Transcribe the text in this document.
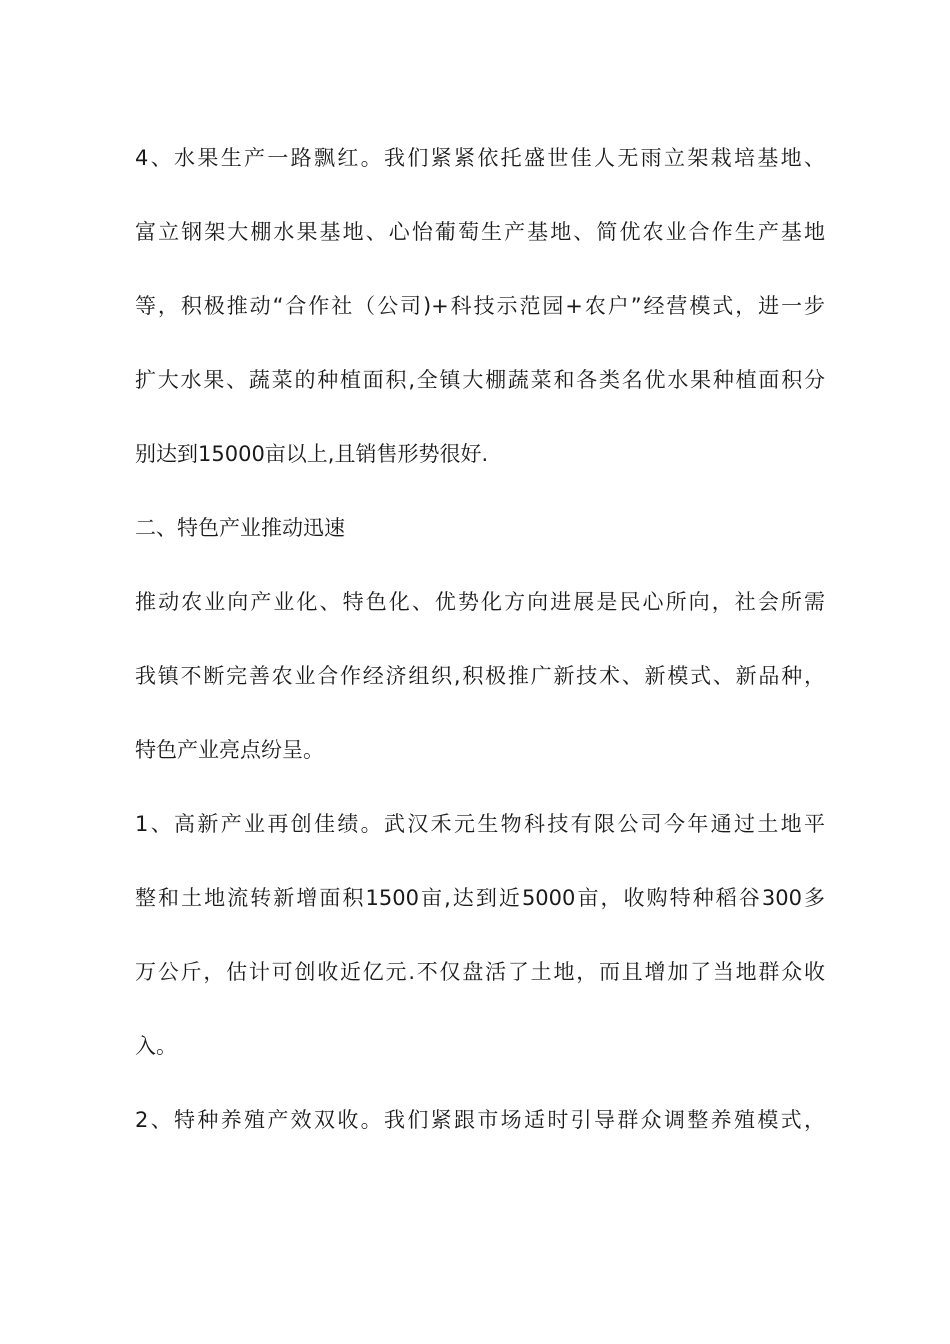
4、水果生产一路飘红。我们紧紧依托盛世佳人无雨立架栽培基地、
富立钢架大棚水果基地、心怡葡萄生产基地、简优农业合作生产基地
等，积极推动“合作社（公司)+科技示范园+农户”经营模式，进一步
扩大水果、蔬菜的种植面积,全镇大棚蔬菜和各类名优水果种植面积分
别达到15000亩以上,且销售形势很好.
二、特色产业推动迅速
推动农业向产业化、特色化、优势化方向进展是民心所向，社会所需
我镇不断完善农业合作经济组织,积极推广新技术、新模式、新品种，
特色产业亮点纷呈。
1、高新产业再创佳绩。武汉禾元生物科技有限公司今年通过土地平
整和土地流转新增面积1500亩,达到近5000亩，收购特种稻谷300多
万公斤，估计可创收近亿元.不仅盘活了土地，而且增加了当地群众收
入。
2、特种养殖产效双收。我们紧跟市场适时引导群众调整养殖模式，
